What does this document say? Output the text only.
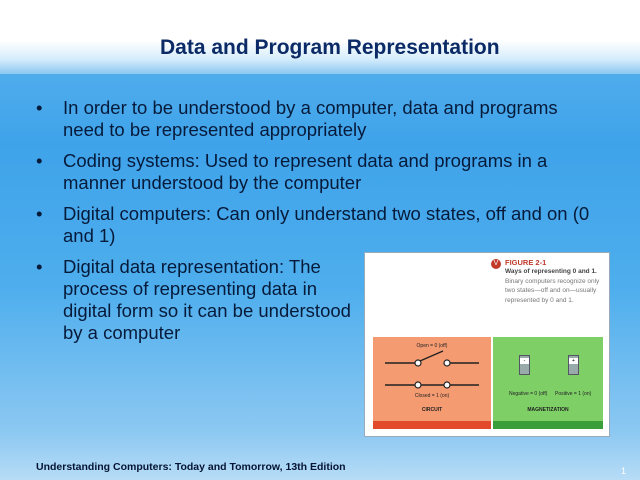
Data and Program Representation
• In order to be understood by a computer, data and programs need to be represented appropriately
• Coding systems: Used to represent data and programs in a manner understood by the computer
• Digital computers: Can only understand two states, off and on (0 and 1)
• Digital data representation: The process of representing data in digital form so it can be understood by a computer
V FIGURE 2-1
Ways of representing 0 and 1. Binary computers recognize only two states—off and on—usually represented by 0 and 1.
Open = 0 (off)
Closed = 1 (on)
CIRCUIT
-	+
Negative = 0 (off) Positive = 1 (on)
MAGNETIZATION
Understanding Computers: Today and Tomorrow, 13th Edition	1
